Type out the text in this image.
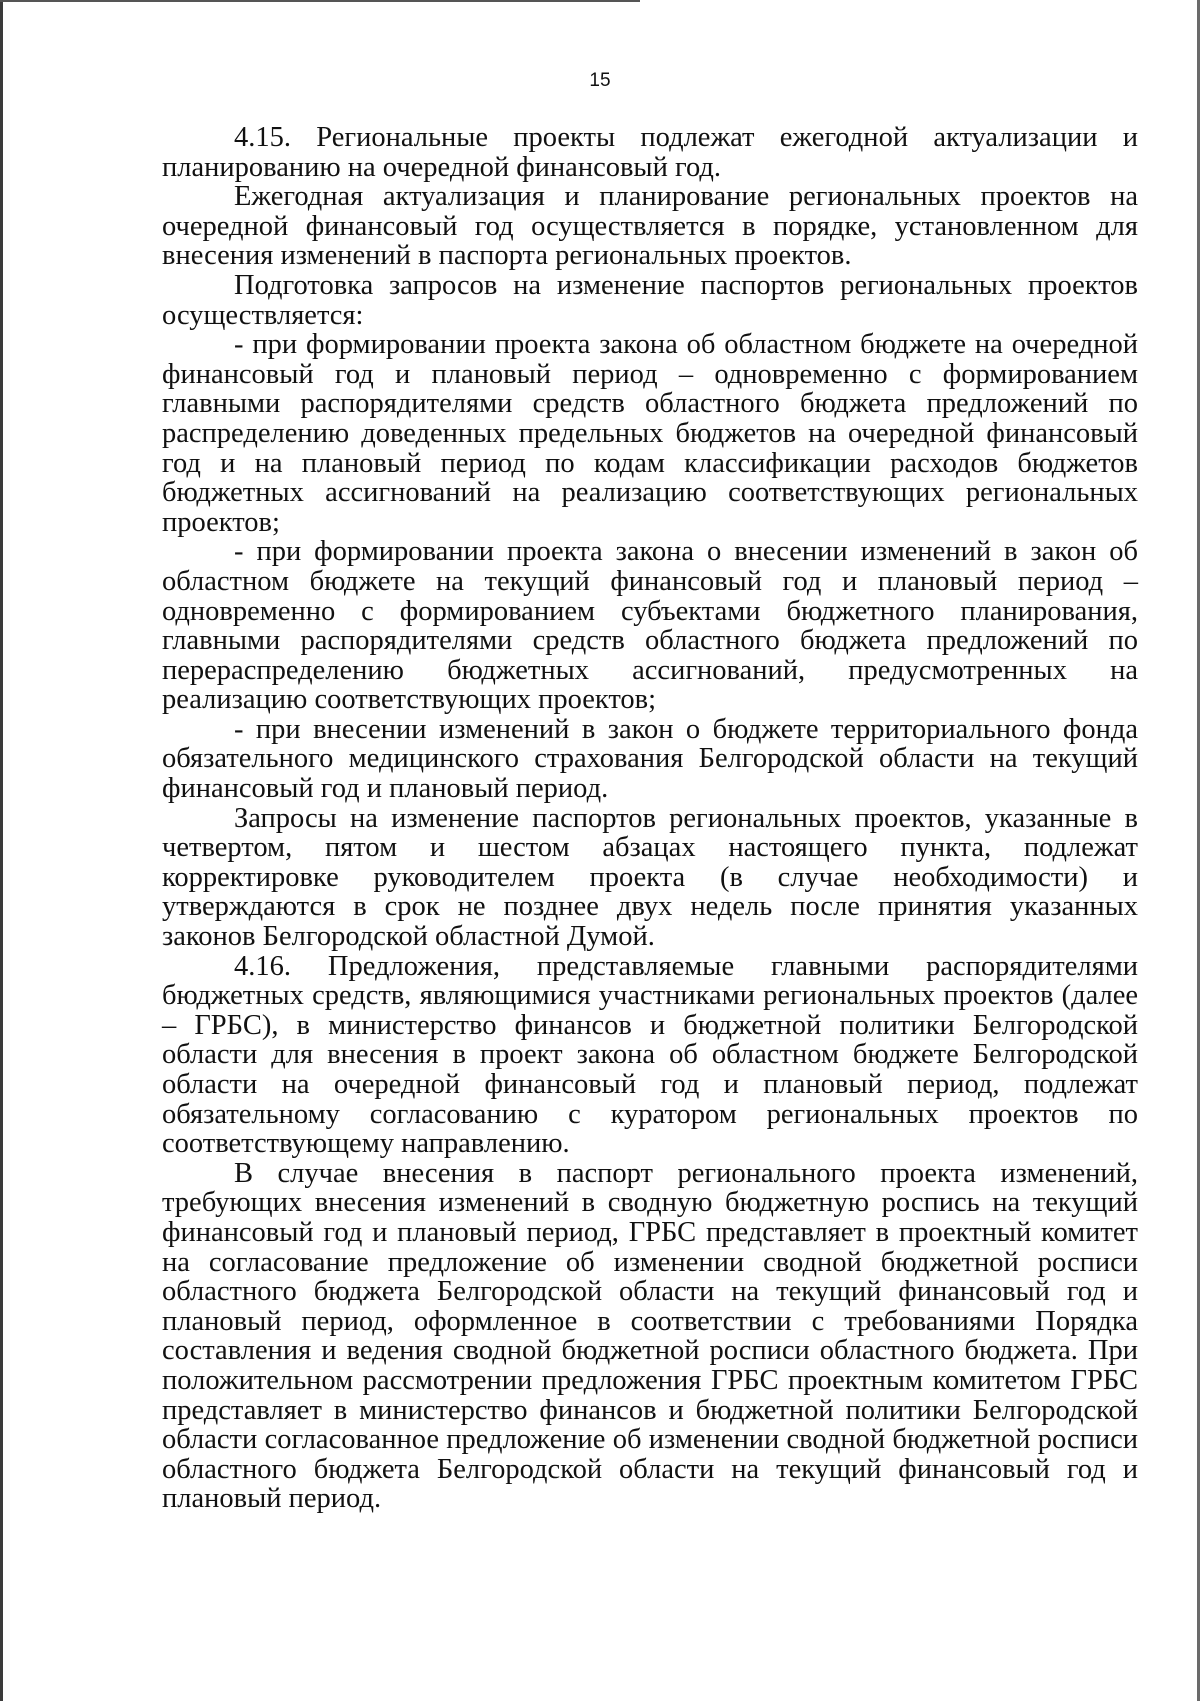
15

4.15. Региональные проекты подлежат ежегодной актуализации и планированию на очередной финансовый год.

Ежегодная актуализация и планирование региональных проектов на очередной финансовый год осуществляется в порядке, установленном для внесения изменений в паспорта региональных проектов.

Подготовка запросов на изменение паспортов региональных проектов осуществляется:

- при формировании проекта закона об областном бюджете на очередной финансовый год и плановый период – одновременно с формированием главными распорядителями средств областного бюджета предложений по распределению доведенных предельных бюджетов на очередной финансовый год и на плановый период по кодам классификации расходов бюджетов бюджетных ассигнований на реализацию соответствующих региональных проектов;

- при формировании проекта закона о внесении изменений в закон об областном бюджете на текущий финансовый год и плановый период – одновременно с формированием субъектами бюджетного планирования, главными распорядителями средств областного бюджета предложений по перераспределению бюджетных ассигнований, предусмотренных на реализацию соответствующих проектов;

- при внесении изменений в закон о бюджете территориального фонда обязательного медицинского страхования Белгородской области на текущий финансовый год и плановый период.

Запросы на изменение паспортов региональных проектов, указанные в четвертом, пятом и шестом абзацах настоящего пункта, подлежат корректировке руководителем проекта (в случае необходимости) и утверждаются в срок не позднее двух недель после принятия указанных законов Белгородской областной Думой.

4.16. Предложения, представляемые главными распорядителями бюджетных средств, являющимися участниками региональных проектов (далее – ГРБС), в министерство финансов и бюджетной политики Белгородской области для внесения в проект закона об областном бюджете Белгородской области на очередной финансовый год и плановый период, подлежат обязательному согласованию с куратором региональных проектов по соответствующему направлению.

В случае внесения в паспорт регионального проекта изменений, требующих внесения изменений в сводную бюджетную роспись на текущий финансовый год и плановый период, ГРБС представляет в проектный комитет на согласование предложение об изменении сводной бюджетной росписи областного бюджета Белгородской области на текущий финансовый год и плановый период, оформленное в соответствии с требованиями Порядка составления и ведения сводной бюджетной росписи областного бюджета. При положительном рассмотрении предложения ГРБС проектным комитетом ГРБС представляет в министерство финансов и бюджетной политики Белгородской области согласованное предложение об изменении сводной бюджетной росписи областного бюджета Белгородской области на текущий финансовый год и плановый период.
